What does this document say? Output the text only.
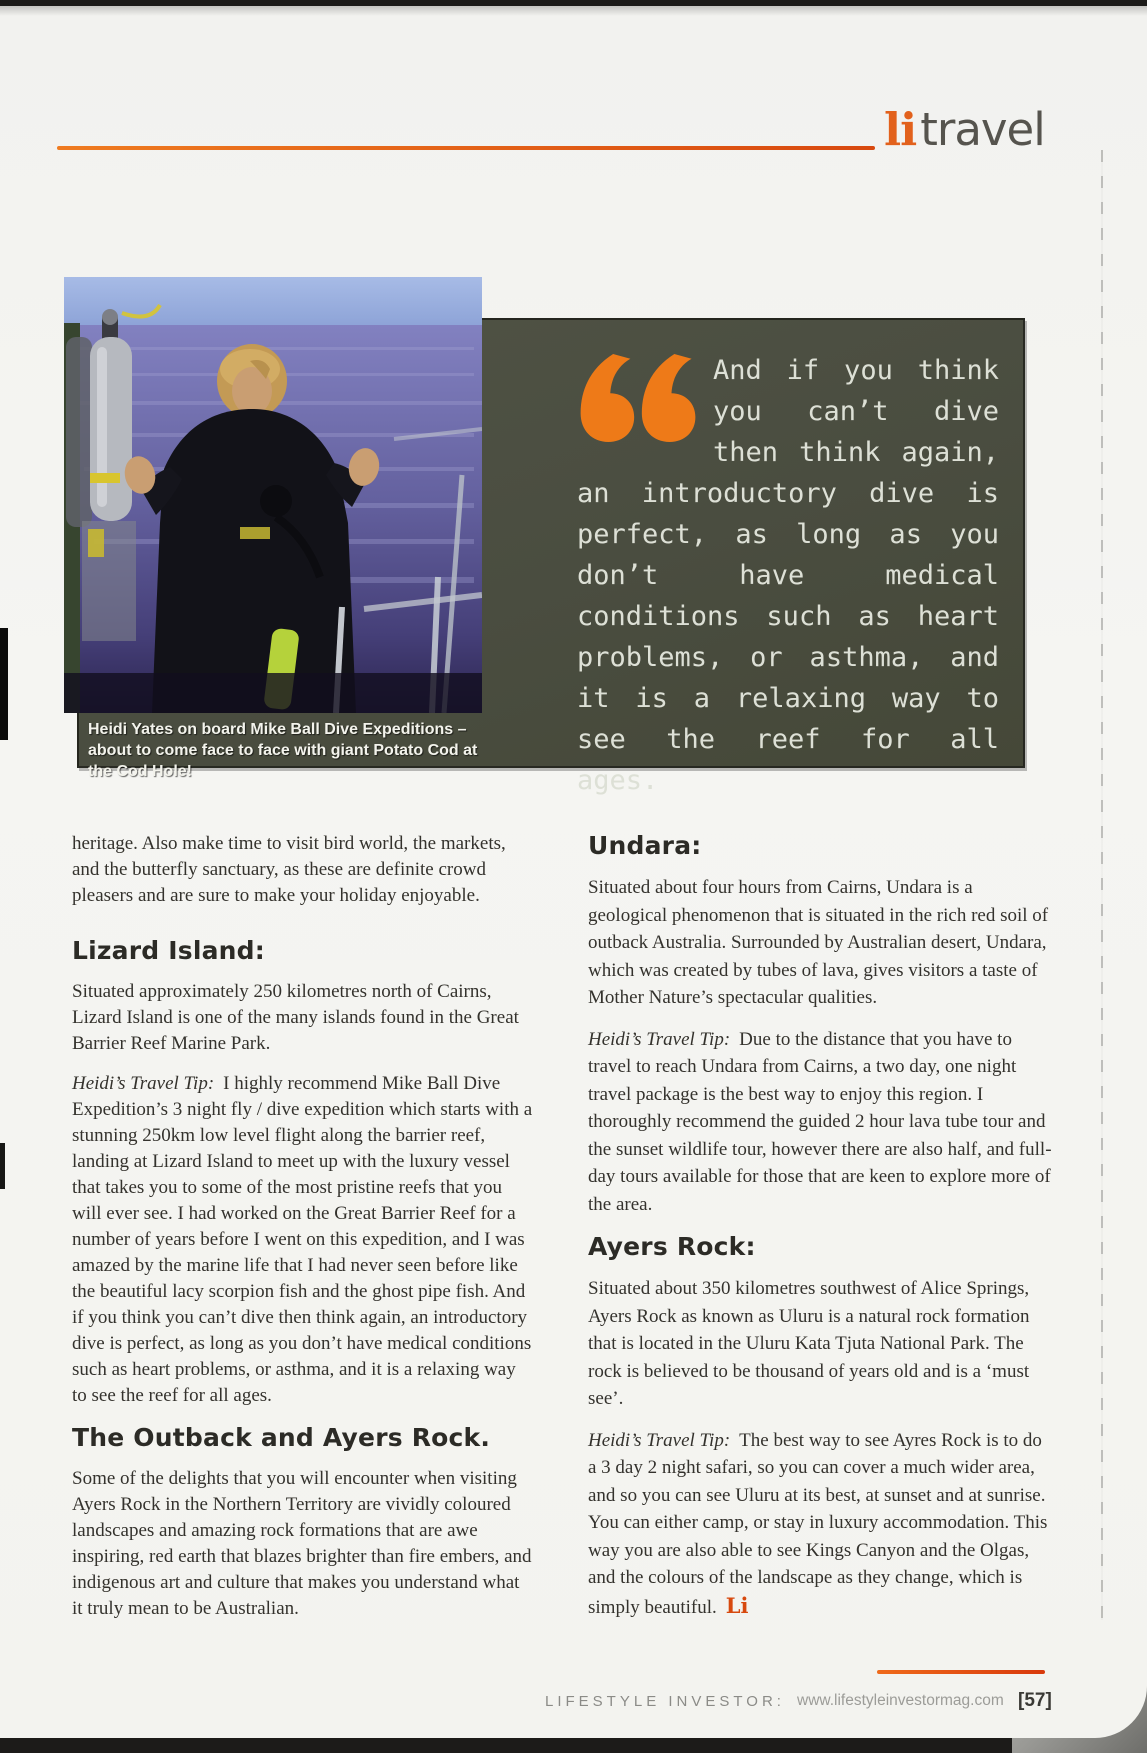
litravel

And if you think you can’t dive then think again, an introductory dive is perfect, as long as you don’t have medical conditions such as heart problems, or asthma, and it is a relaxing way to see the reef for all ages.

Heidi Yates on board Mike Ball Dive Expeditions – about to come face to face with giant Potato Cod at the Cod Hole!

heritage. Also make time to visit bird world, the markets, and the butterfly sanctuary, as these are definite crowd pleasers and are sure to make your holiday enjoyable.

Lizard Island:

Situated approximately 250 kilometres north of Cairns, Lizard Island is one of the many islands found in the Great Barrier Reef Marine Park.

Heidi’s Travel Tip: I highly recommend Mike Ball Dive Expedition’s 3 night fly / dive expedition which starts with a stunning 250km low level flight along the barrier reef, landing at Lizard Island to meet up with the luxury vessel that takes you to some of the most pristine reefs that you will ever see. I had worked on the Great Barrier Reef for a number of years before I went on this expedition, and I was amazed by the marine life that I had never seen before like the beautiful lacy scorpion fish and the ghost pipe fish. And if you think you can’t dive then think again, an introductory dive is perfect, as long as you don’t have medical conditions such as heart problems, or asthma, and it is a relaxing way to see the reef for all ages.

The Outback and Ayers Rock.

Some of the delights that you will encounter when visiting Ayers Rock in the Northern Territory are vividly coloured landscapes and amazing rock formations that are awe inspiring, red earth that blazes brighter than fire embers, and indigenous art and culture that makes you understand what it truly mean to be Australian.

Undara:

Situated about four hours from Cairns, Undara is a geological phenomenon that is situated in the rich red soil of outback Australia. Surrounded by Australian desert, Undara, which was created by tubes of lava, gives visitors a taste of Mother Nature’s spectacular qualities.

Heidi’s Travel Tip: Due to the distance that you have to travel to reach Undara from Cairns, a two day, one night travel package is the best way to enjoy this region. I thoroughly recommend the guided 2 hour lava tube tour and the sunset wildlife tour, however there are also half, and full-day tours available for those that are keen to explore more of the area.

Ayers Rock:

Situated about 350 kilometres southwest of Alice Springs, Ayers Rock as known as Uluru is a natural rock formation that is located in the Uluru Kata Tjuta National Park. The rock is believed to be thousand of years old and is a ‘must see’.

Heidi’s Travel Tip: The best way to see Ayres Rock is to do a 3 day 2 night safari, so you can cover a much wider area, and so you can see Uluru at its best, at sunset and at sunrise. You can either camp, or stay in luxury accommodation. This way you are also able to see Kings Canyon and the Olgas, and the colours of the landscape as they change, which is simply beautiful. Li

LIFESTYLE INVESTOR: www.lifestyleinvestormag.com [57]
